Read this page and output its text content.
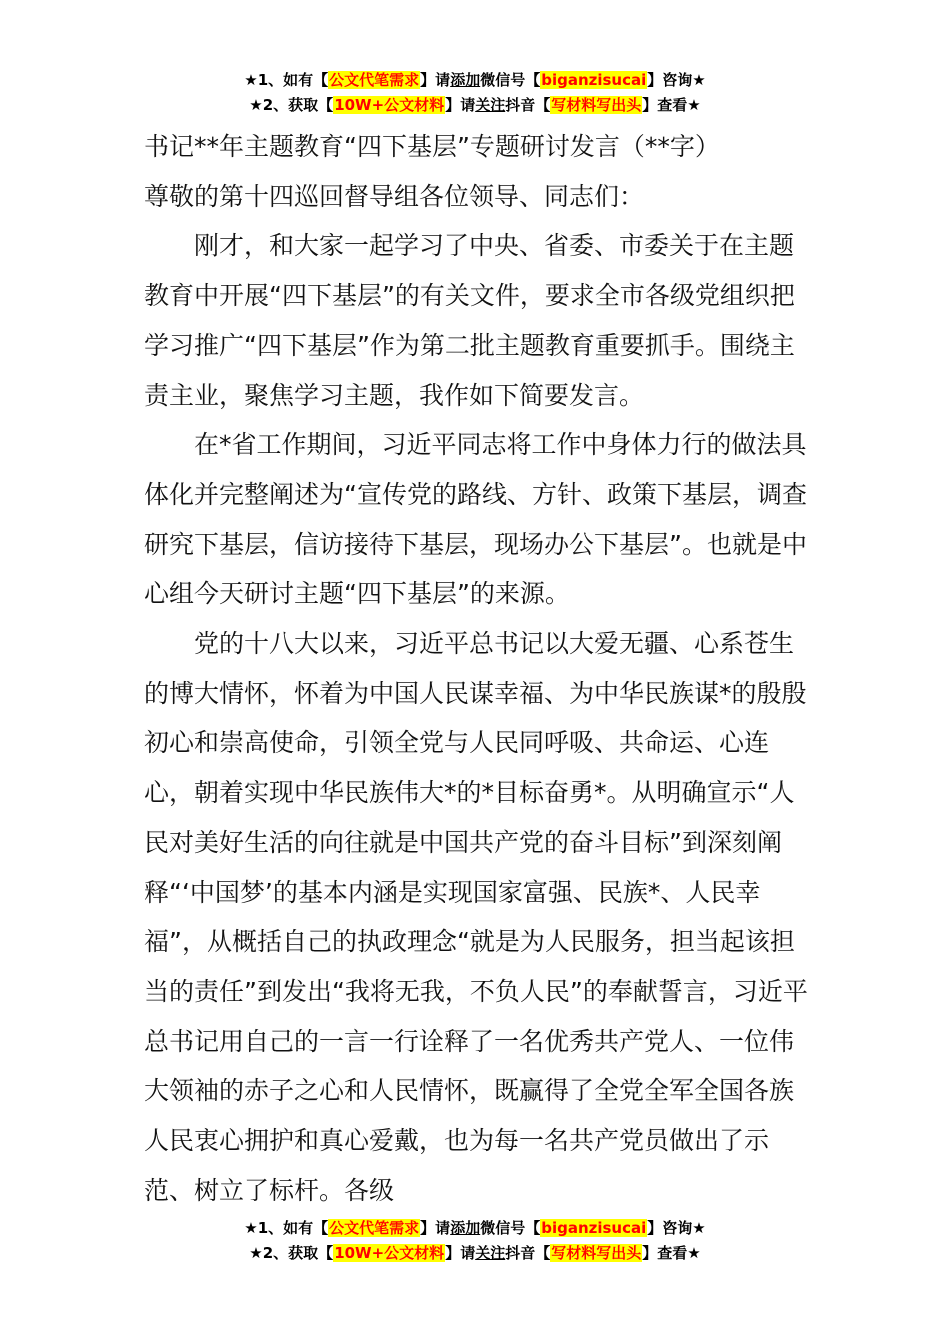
★1、如有【公文代笔需求】请添加微信号【biganzisucai】咨询★
★2、获取【10W+公文材料】请关注抖音【写材料写出头】查看★

书记**年主题教育“四下基层”专题研讨发言（**字）

尊敬的第十四巡回督导组各位领导、同志们：

刚才，和大家一起学习了中央、省委、市委关于在主题教育中开展“四下基层”的有关文件，要求全市各级党组织把学习推广“四下基层”作为第二批主题教育重要抓手。围绕主责主业，聚焦学习主题，我作如下简要发言。

在*省工作期间，习近平同志将工作中身体力行的做法具体化并完整阐述为“宣传党的路线、方针、政策下基层，调查研究下基层，信访接待下基层，现场办公下基层”。也就是中心组今天研讨主题“四下基层”的来源。

党的十八大以来，习近平总书记以大爱无疆、心系苍生的博大情怀，怀着为中国人民谋幸福、为中华民族谋*的殷殷初心和崇高使命，引领全党与人民同呼吸、共命运、心连心，朝着实现中华民族伟大*的*目标奋勇*。从明确宣示“人民对美好生活的向往就是中国共产党的奋斗目标”到深刻阐释“‘中国梦’的基本内涵是实现国家富强、民族*、人民幸福”，从概括自己的执政理念“就是为人民服务，担当起该担当的责任”到发出“我将无我，不负人民”的奉献誓言，习近平总书记用自己的一言一行诠释了一名优秀共产党人、一位伟大领袖的赤子之心和人民情怀，既赢得了全党全军全国各族人民衷心拥护和真心爱戴，也为每一名共产党员做出了示范、树立了标杆。各级

★1、如有【公文代笔需求】请添加微信号【biganzisucai】咨询★
★2、获取【10W+公文材料】请关注抖音【写材料写出头】查看★
